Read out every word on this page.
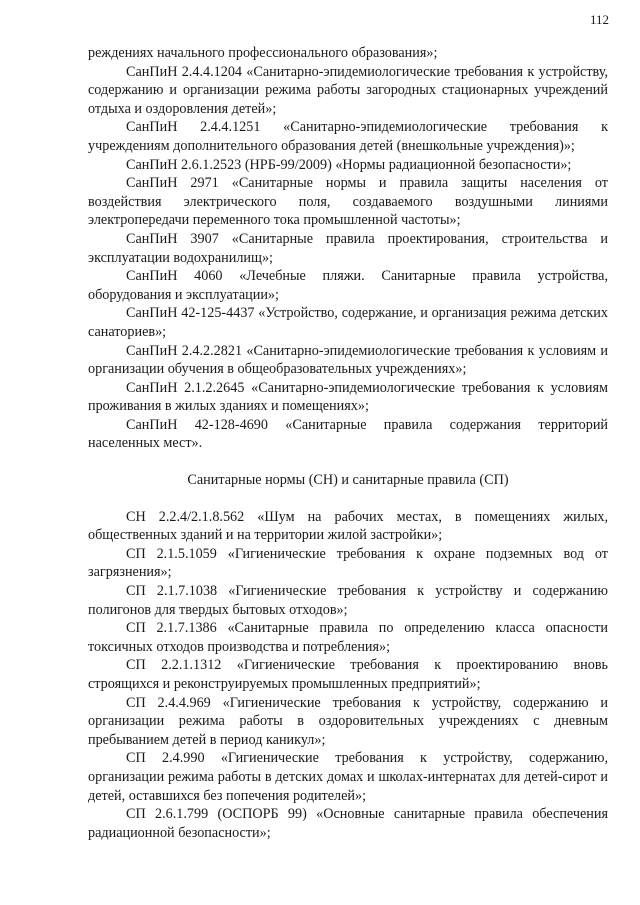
112

реждениях начального профессионального образования»;

СанПиН 2.4.4.1204 «Санитарно-эпидемиологические требования к устройству, содержанию и организации режима работы загородных стационарных учреждений отдыха и оздоровления детей»;

СанПиН 2.4.4.1251 «Санитарно-эпидемиологические требования к учреждениям дополнительного образования детей (внешкольные учреждения)»;

СанПиН 2.6.1.2523 (НРБ-99/2009) «Нормы радиационной безопасности»;

СанПиН 2971 «Санитарные нормы и правила защиты населения от воздействия электрического поля, создаваемого воздушными линиями электропередачи переменного тока промышленной частоты»;

СанПиН 3907 «Санитарные правила проектирования, строительства и эксплуатации водохранилищ»;

СанПиН 4060 «Лечебные пляжи. Санитарные правила устройства, оборудования и эксплуатации»;

СанПиН 42-125-4437 «Устройство, содержание, и организация режима детских санаториев»;

СанПиН 2.4.2.2821 «Санитарно-эпидемиологические требования к условиям и организации обучения в общеобразовательных учреждениях»;

СанПиН 2.1.2.2645 «Санитарно-эпидемиологические требования к условиям проживания в жилых зданиях и помещениях»;

СанПиН 42-128-4690 «Санитарные правила содержания территорий населенных мест».

Санитарные нормы (СН) и санитарные правила (СП)

СН 2.2.4/2.1.8.562 «Шум на рабочих местах, в помещениях жилых, общественных зданий и на территории жилой застройки»;

СП 2.1.5.1059 «Гигиенические требования к охране подземных вод от загрязнения»;

СП 2.1.7.1038 «Гигиенические требования к устройству и содержанию полигонов для твердых бытовых отходов»;

СП 2.1.7.1386 «Санитарные правила по определению класса опасности токсичных отходов производства и потребления»;

СП 2.2.1.1312 «Гигиенические требования к проектированию вновь строящихся и реконструируемых промышленных предприятий»;

СП 2.4.4.969 «Гигиенические требования к устройству, содержанию и организации режима работы в оздоровительных учреждениях с дневным пребыванием детей в период каникул»;

СП 2.4.990 «Гигиенические требования к устройству, содержанию, организации режима работы в детских домах и школах-интернатах для детей-сирот и детей, оставшихся без попечения родителей»;

СП 2.6.1.799 (ОСПОРБ 99) «Основные санитарные правила обеспечения радиационной безопасности»;
